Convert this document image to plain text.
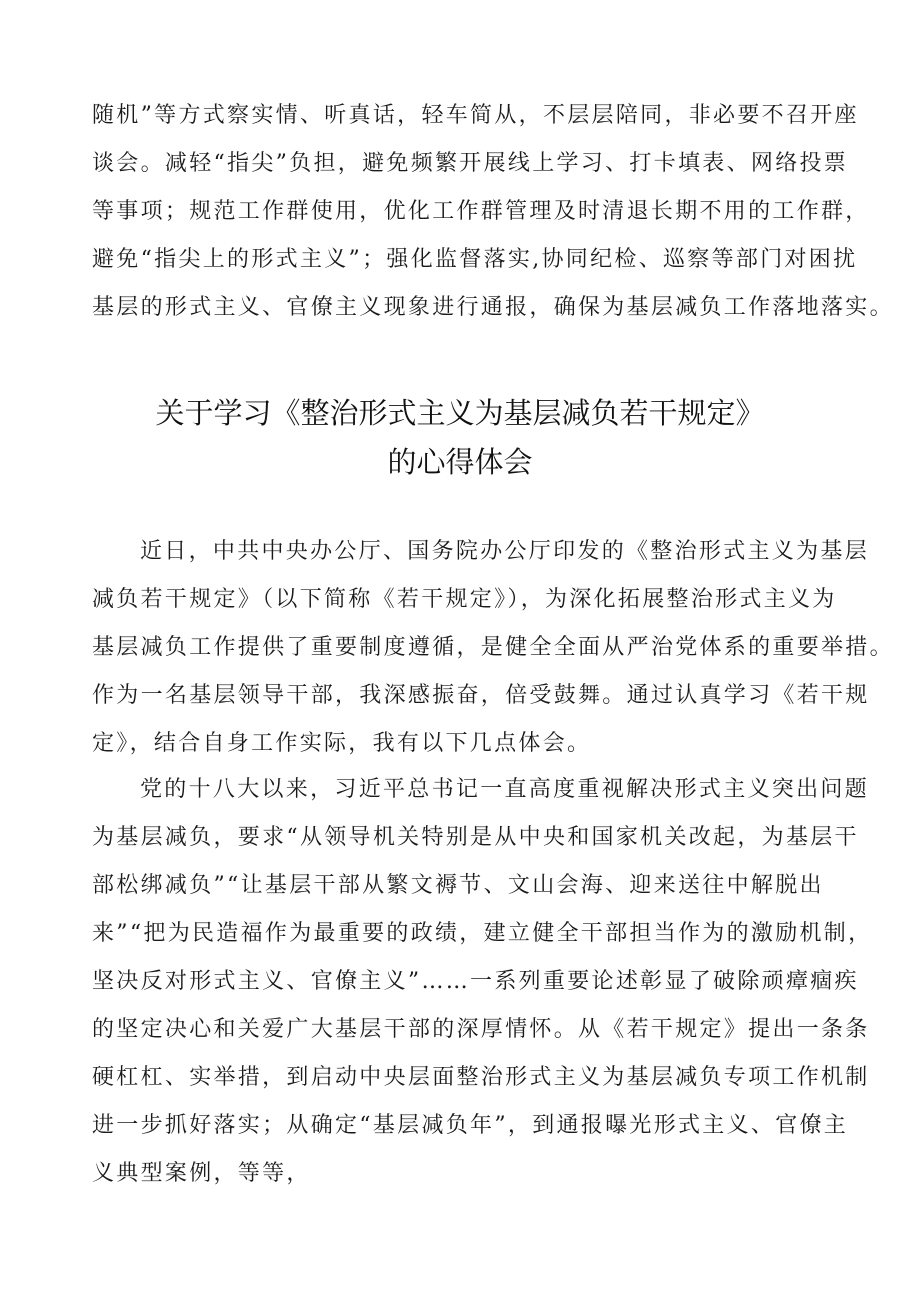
随机”等方式察实情、听真话，轻车简从，不层层陪同，非必要不召开座
谈会。减轻“指尖”负担，避免频繁开展线上学习、打卡填表、网络投票
等事项；规范工作群使用，优化工作群管理及时清退长期不用的工作群，
避免“指尖上的形式主义”；强化监督落实,协同纪检、巡察等部门对困扰
基层的形式主义、官僚主义现象进行通报，确保为基层减负工作落地落实。
关于学习《整治形式主义为基层减负若干规定》
的心得体会
近日，中共中央办公厅、国务院办公厅印发的《整治形式主义为基层
减负若干规定》（以下简称《若干规定》），为深化拓展整治形式主义为
基层减负工作提供了重要制度遵循，是健全全面从严治党体系的重要举措。
作为一名基层领导干部，我深感振奋，倍受鼓舞。通过认真学习《若干规
定》，结合自身工作实际，我有以下几点体会。
党的十八大以来，习近平总书记一直高度重视解决形式主义突出问题
为基层减负，要求“从领导机关特别是从中央和国家机关改起，为基层干
部松绑减负”“让基层干部从繁文褥节、文山会海、迎来送往中解脱出
来”“把为民造福作为最重要的政绩，建立健全干部担当作为的激励机制，
坚决反对形式主义、官僚主义”……一系列重要论述彰显了破除顽瘴痼疾
的坚定决心和关爱广大基层干部的深厚情怀。从《若干规定》提出一条条
硬杠杠、实举措，到启动中央层面整治形式主义为基层减负专项工作机制
进一步抓好落实；从确定“基层减负年”，到通报曝光形式主义、官僚主
义典型案例，等等，
